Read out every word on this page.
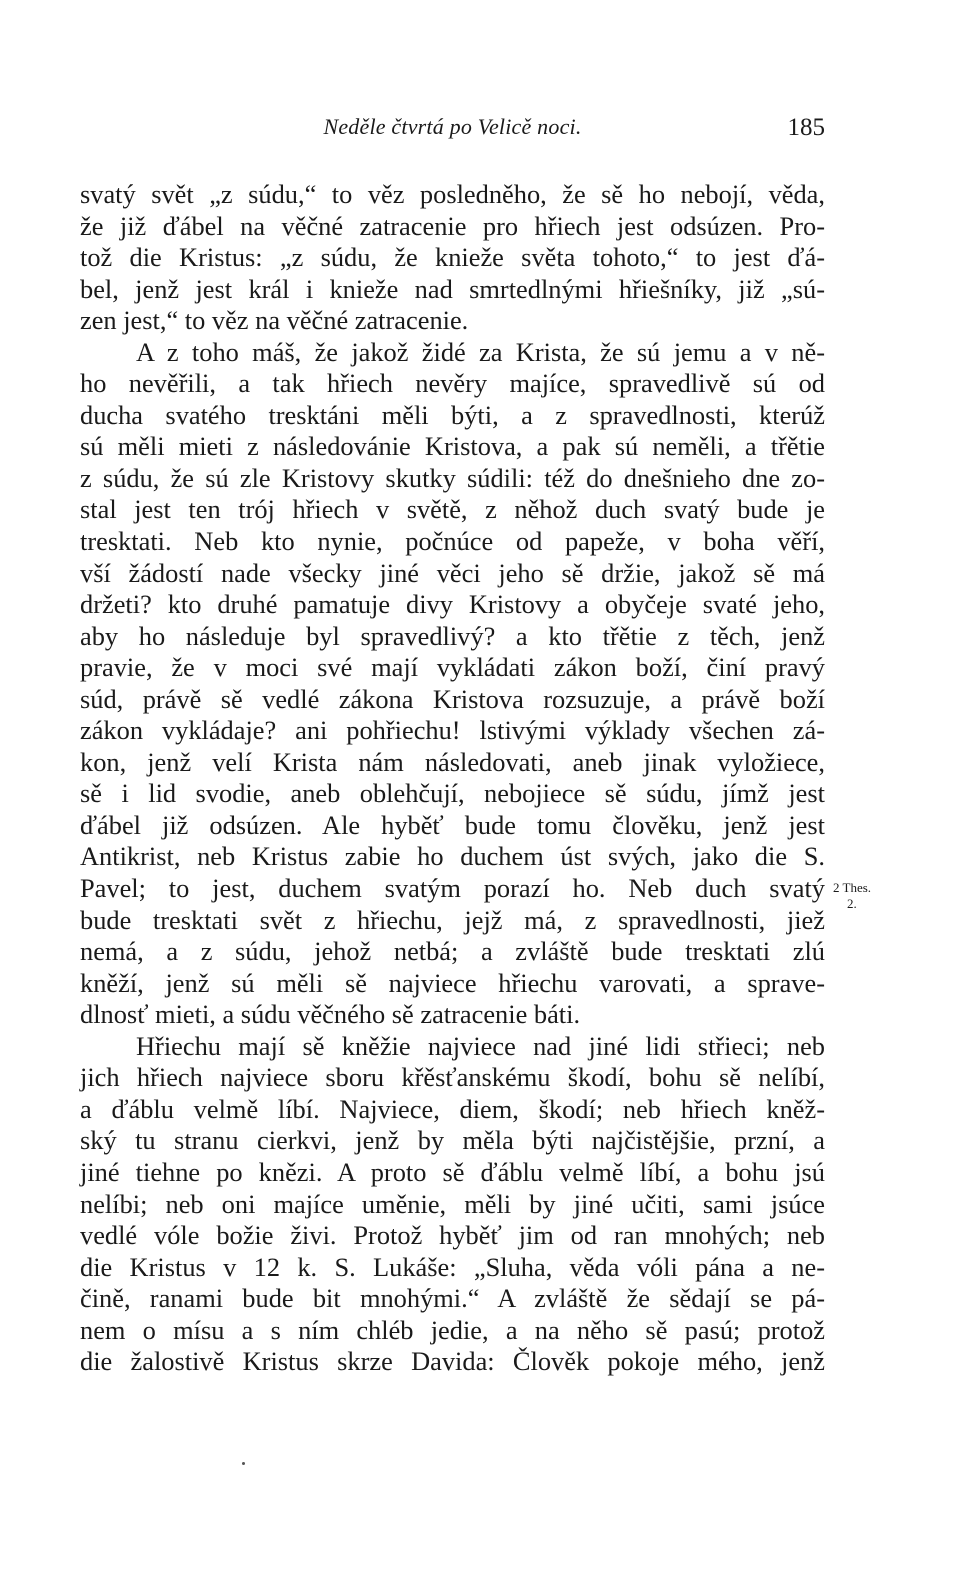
Neděle čtvrtá po Velicě noci.	185
svatý svět „z súdu,“ to věz posledněho, že sě ho nebojí, věda,
že již ďábel na věčné zatracenie pro hřiech jest odsúzen. Pro-
tož die Kristus: „z súdu, že knieže světa tohoto,“ to jest ďá-
bel, jenž jest král i knieže nad smrtedlnými hřiešníky, již „sú-
zen jest,“ to věz na věčné zatracenie.
A z toho máš, že jakož židé za Krista, že sú jemu a v ně-
ho nevěřili, a tak hřiech nevěry majíce, spravedlivě sú od
ducha svatého tresktáni měli býti, a z spravedlnosti, kterúž
sú měli mieti z následovánie Kristova, a pak sú neměli, a třětie
z súdu, že sú zle Kristovy skutky súdili: též do dnešnieho dne zo-
stal jest ten trój hřiech v světě, z něhož duch svatý bude je
tresktati. Neb kto nynie, počnúce od papeže, v boha věří,
vší žádostí nade všecky jiné věci jeho sě držie, jakož sě má
držeti? kto druhé pamatuje divy Kristovy a obyčeje svaté jeho,
aby ho následuje byl spravedlivý? a kto třětie z těch, jenž
pravie, že v moci své mají vykládati zákon boží, činí pravý
súd, právě sě vedlé zákona Kristova rozsuzuje, a právě boží
zákon vykládaje? ani pohřiechu! lstivými výklady všechen zá-
kon, jenž velí Krista nám následovati, aneb jinak vyložiece,
sě i lid svodie, aneb oblehčují, nebojiece sě súdu, jímž jest
ďábel již odsúzen. Ale hyběť bude tomu člověku, jenž jest
Antikrist, neb Kristus zabie ho duchem úst svých, jako die S.
Pavel; to jest, duchem svatým porazí ho. Neb duch svatý
bude tresktati svět z hřiechu, jejž má, z spravedlnosti, jiež
nemá, a z súdu, jehož netbá; a zvláště bude tresktati zlú
kněží, jenž sú měli sě najviece hřiechu varovati, a sprave-
dlnosť mieti, a súdu věčného sě zatracenie báti.
Hřiechu mají sě kněžie najviece nad jiné lidi střieci; neb
jich hřiech najviece sboru křěsťanskému škodí, bohu sě nelíbí,
a ďáblu velmě líbí. Najviece, diem, škodí; neb hřiech kněž-
ský tu stranu cierkvi, jenž by měla býti najčistějšie, przní, a
jiné tiehne po knězi. A proto sě ďáblu velmě líbí, a bohu jsú
nelíbi; neb oni majíce uměnie, měli by jiné učiti, sami jsúce
vedlé vóle božie živi. Protož hyběť jim od ran mnohých; neb
die Kristus v 12 k. S. Lukáše: „Sluha, věda vóli pána a ne-
čině, ranami bude bit mnohými.“ A zvláště že sědají se pá-
nem o mísu a s ním chléb jedie, a na něho sě pasú; protož
die žalostivě Kristus skrze Davida: Člověk pokoje mého, jenž
2 Thes.
2.
